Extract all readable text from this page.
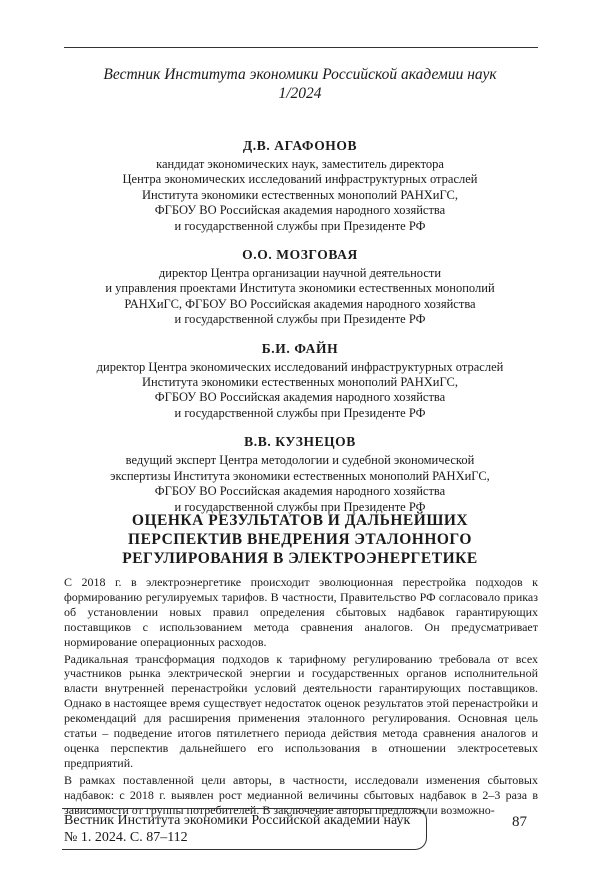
Вестник Института экономики Российской академии наук
1/2024
Д.В. АГАФОНОВ
кандидат экономических наук, заместитель директора
Центра экономических исследований инфраструктурных отраслей
Института экономики естественных монополий РАНХиГС,
ФГБОУ ВО Российская академия народного хозяйства
и государственной службы при Президенте РФ
О.О. МОЗГОВАЯ
директор Центра организации научной деятельности
и управления проектами Института экономики естественных монополий
РАНХиГС, ФГБОУ ВО Российская академия народного хозяйства
и государственной службы при Президенте РФ
Б.И. ФАЙН
директор Центра экономических исследований инфраструктурных отраслей
Института экономики естественных монополий РАНХиГС,
ФГБОУ ВО Российская академия народного хозяйства
и государственной службы при Президенте РФ
В.В. КУЗНЕЦОВ
ведущий эксперт Центра методологии и судебной экономической
экспертизы Института экономики естественных монополий РАНХиГС,
ФГБОУ ВО Российская академия народного хозяйства
и государственной службы при Президенте РФ
ОЦЕНКА РЕЗУЛЬТАТОВ И ДАЛЬНЕЙШИХ
ПЕРСПЕКТИВ ВНЕДРЕНИЯ ЭТАЛОННОГО
РЕГУЛИРОВАНИЯ В ЭЛЕКТРОЭНЕРГЕТИКЕ

С 2018 г. в электроэнергетике происходит эволюционная перестройка подходов к формированию регулируемых тарифов. В частности, Правительство РФ согласовало приказ об установлении новых правил определения сбытовых надбавок гарантирующих поставщиков с использованием метода сравнения аналогов. Он предусматривает нормирование операционных расходов.

Радикальная трансформация подходов к тарифному регулированию требовала от всех участников рынка электрической энергии и государственных органов исполнительной власти внутренней перенастройки условий деятельности гарантирующих поставщиков. Однако в настоящее время существует недостаток оценок результатов этой перенастройки и рекомендаций для расширения применения эталонного регулирования. Основная цель статьи – подведение итогов пятилетнего периода действия метода сравнения аналогов и оценка перспектив дальнейшего его использования в отношении электросетевых предприятий.

В рамках поставленной цели авторы, в частности, исследовали изменения сбытовых надбавок: с 2018 г. выявлен рост медианной величины сбытовых надбавок в 2–3 раза в зависимости от группы потребителей. В заключение авторы предложили возможно-

Вестник Института экономики Российской академии наук
№ 1. 2024. С. 87–112
87
